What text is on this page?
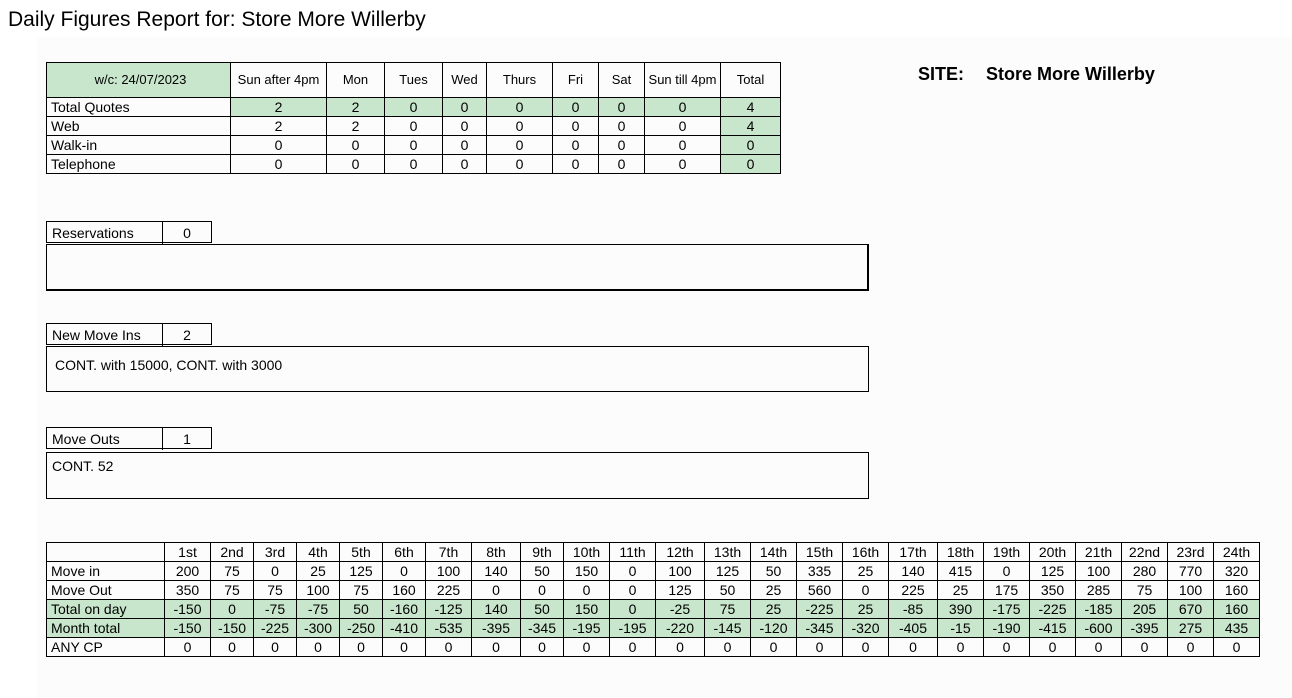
Daily Figures Report for: Store More Willerby
SITE: Store More Willerby
w/c: 24/07/2023	Sun after 4pm	Mon	Tues	Wed	Thurs	Fri	Sat	Sun till 4pm	Total
Total Quotes	2	2	0	0	0	0	0	0	4
Web	2	2	0	0	0	0	0	0	4
Walk-in	0	0	0	0	0	0	0	0	0
Telephone	0	0	0	0	0	0	0	0	0
Reservations	0
New Move Ins	2
CONT. with 15000, CONT. with 3000
Move Outs	1
CONT. 52
	1st	2nd	3rd	4th	5th	6th	7th	8th	9th	10th	11th	12th	13th	14th	15th	16th	17th	18th	19th	20th	21th	22nd	23rd	24th
Move in	200	75	0	25	125	0	100	140	50	150	0	100	125	50	335	25	140	415	0	125	100	280	770	320
Move Out	350	75	75	100	75	160	225	0	0	0	0	125	50	25	560	0	225	25	175	350	285	75	100	160
Total on day	-150	0	-75	-75	50	-160	-125	140	50	150	0	-25	75	25	-225	25	-85	390	-175	-225	-185	205	670	160
Month total	-150	-150	-225	-300	-250	-410	-535	-395	-345	-195	-195	-220	-145	-120	-345	-320	-405	-15	-190	-415	-600	-395	275	435
ANY CP	0	0	0	0	0	0	0	0	0	0	0	0	0	0	0	0	0	0	0	0	0	0	0	0
